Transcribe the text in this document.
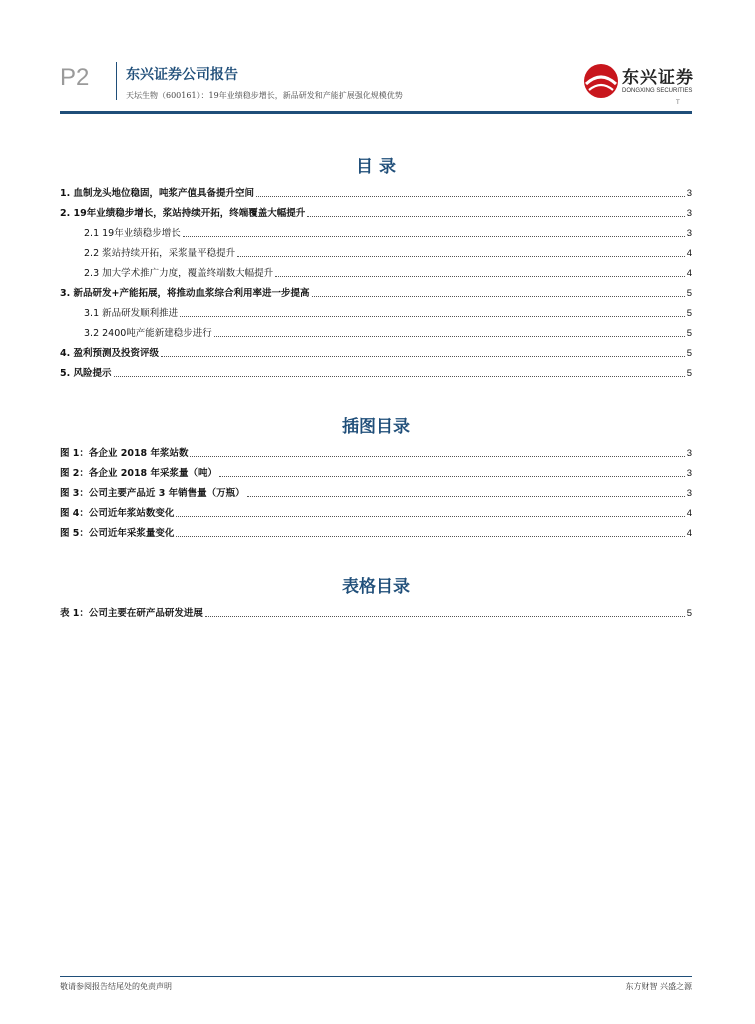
P2	东兴证券公司报告
天坛生物（600161）：19年业绩稳步增长，新品研发和产能扩展强化规模优势
东兴证券
DONGXING SECURITIES
T
目 录
1. 血制龙头地位稳固，吨浆产值具备提升空间	3
2. 19年业绩稳步增长，浆站持续开拓，终端覆盖大幅提升	3
2.1 19年业绩稳步增长	3
2.2 浆站持续开拓，采浆量平稳提升	4
2.3 加大学术推广力度，覆盖终端数大幅提升	4
3. 新品研发+产能拓展，将推动血浆综合利用率进一步提高	5
3.1 新品研发顺利推进	5
3.2 2400吨产能新建稳步进行	5
4. 盈利预测及投资评级	5
5. 风险提示	5
插图目录
图 1：各企业 2018 年浆站数	3
图 2：各企业 2018 年采浆量（吨）	3
图 3：公司主要产品近 3 年销售量（万瓶）	3
图 4：公司近年浆站数变化	4
图 5：公司近年采浆量变化	4
表格目录
表 1：公司主要在研产品研发进展	5
敬请参阅报告结尾处的免责声明	东方财智 兴盛之源
